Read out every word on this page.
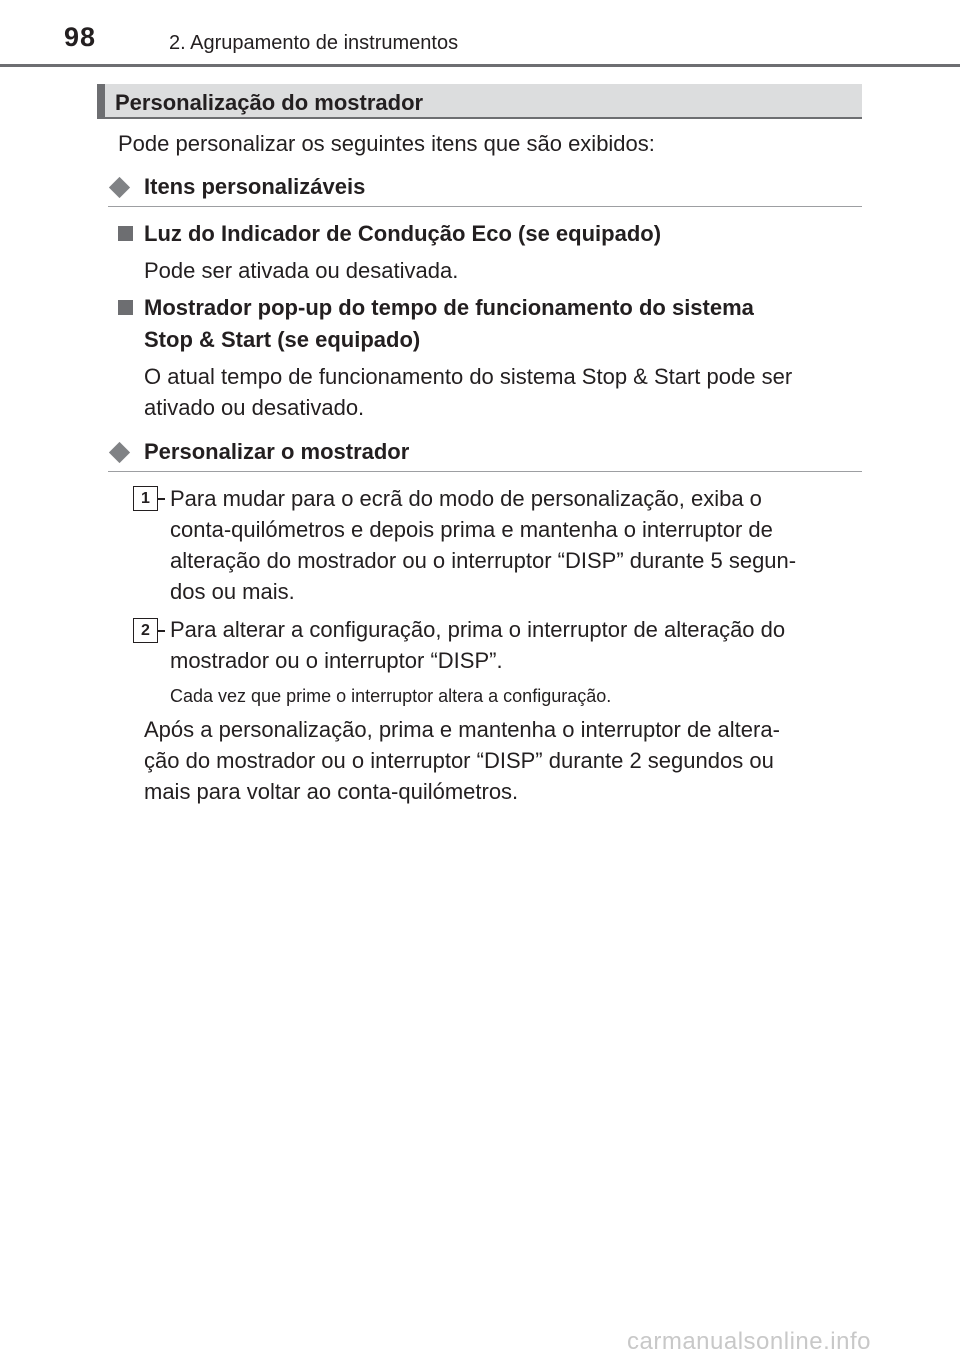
98	2. Agrupamento de instrumentos
Personalização do mostrador
Pode personalizar os seguintes itens que são exibidos:
Itens personalizáveis
Luz do Indicador de Condução Eco (se equipado)
Pode ser ativada ou desativada.
Mostrador pop-up do tempo de funcionamento do sistema
Stop & Start (se equipado)
O atual tempo de funcionamento do sistema Stop & Start pode ser
ativado ou desativado.
Personalizar o mostrador
1 Para mudar para o ecrã do modo de personalização, exiba o
conta-quilómetros e depois prima e mantenha o interruptor de
alteração do mostrador ou o interruptor “DISP” durante 5 segun-
dos ou mais.
2 Para alterar a configuração, prima o interruptor de alteração do
mostrador ou o interruptor “DISP”.
Cada vez que prime o interruptor altera a configuração.
Após a personalização, prima e mantenha o interruptor de altera-
ção do mostrador ou o interruptor “DISP” durante 2 segundos ou
mais para voltar ao conta-quilómetros.
carmanualsonline.info
